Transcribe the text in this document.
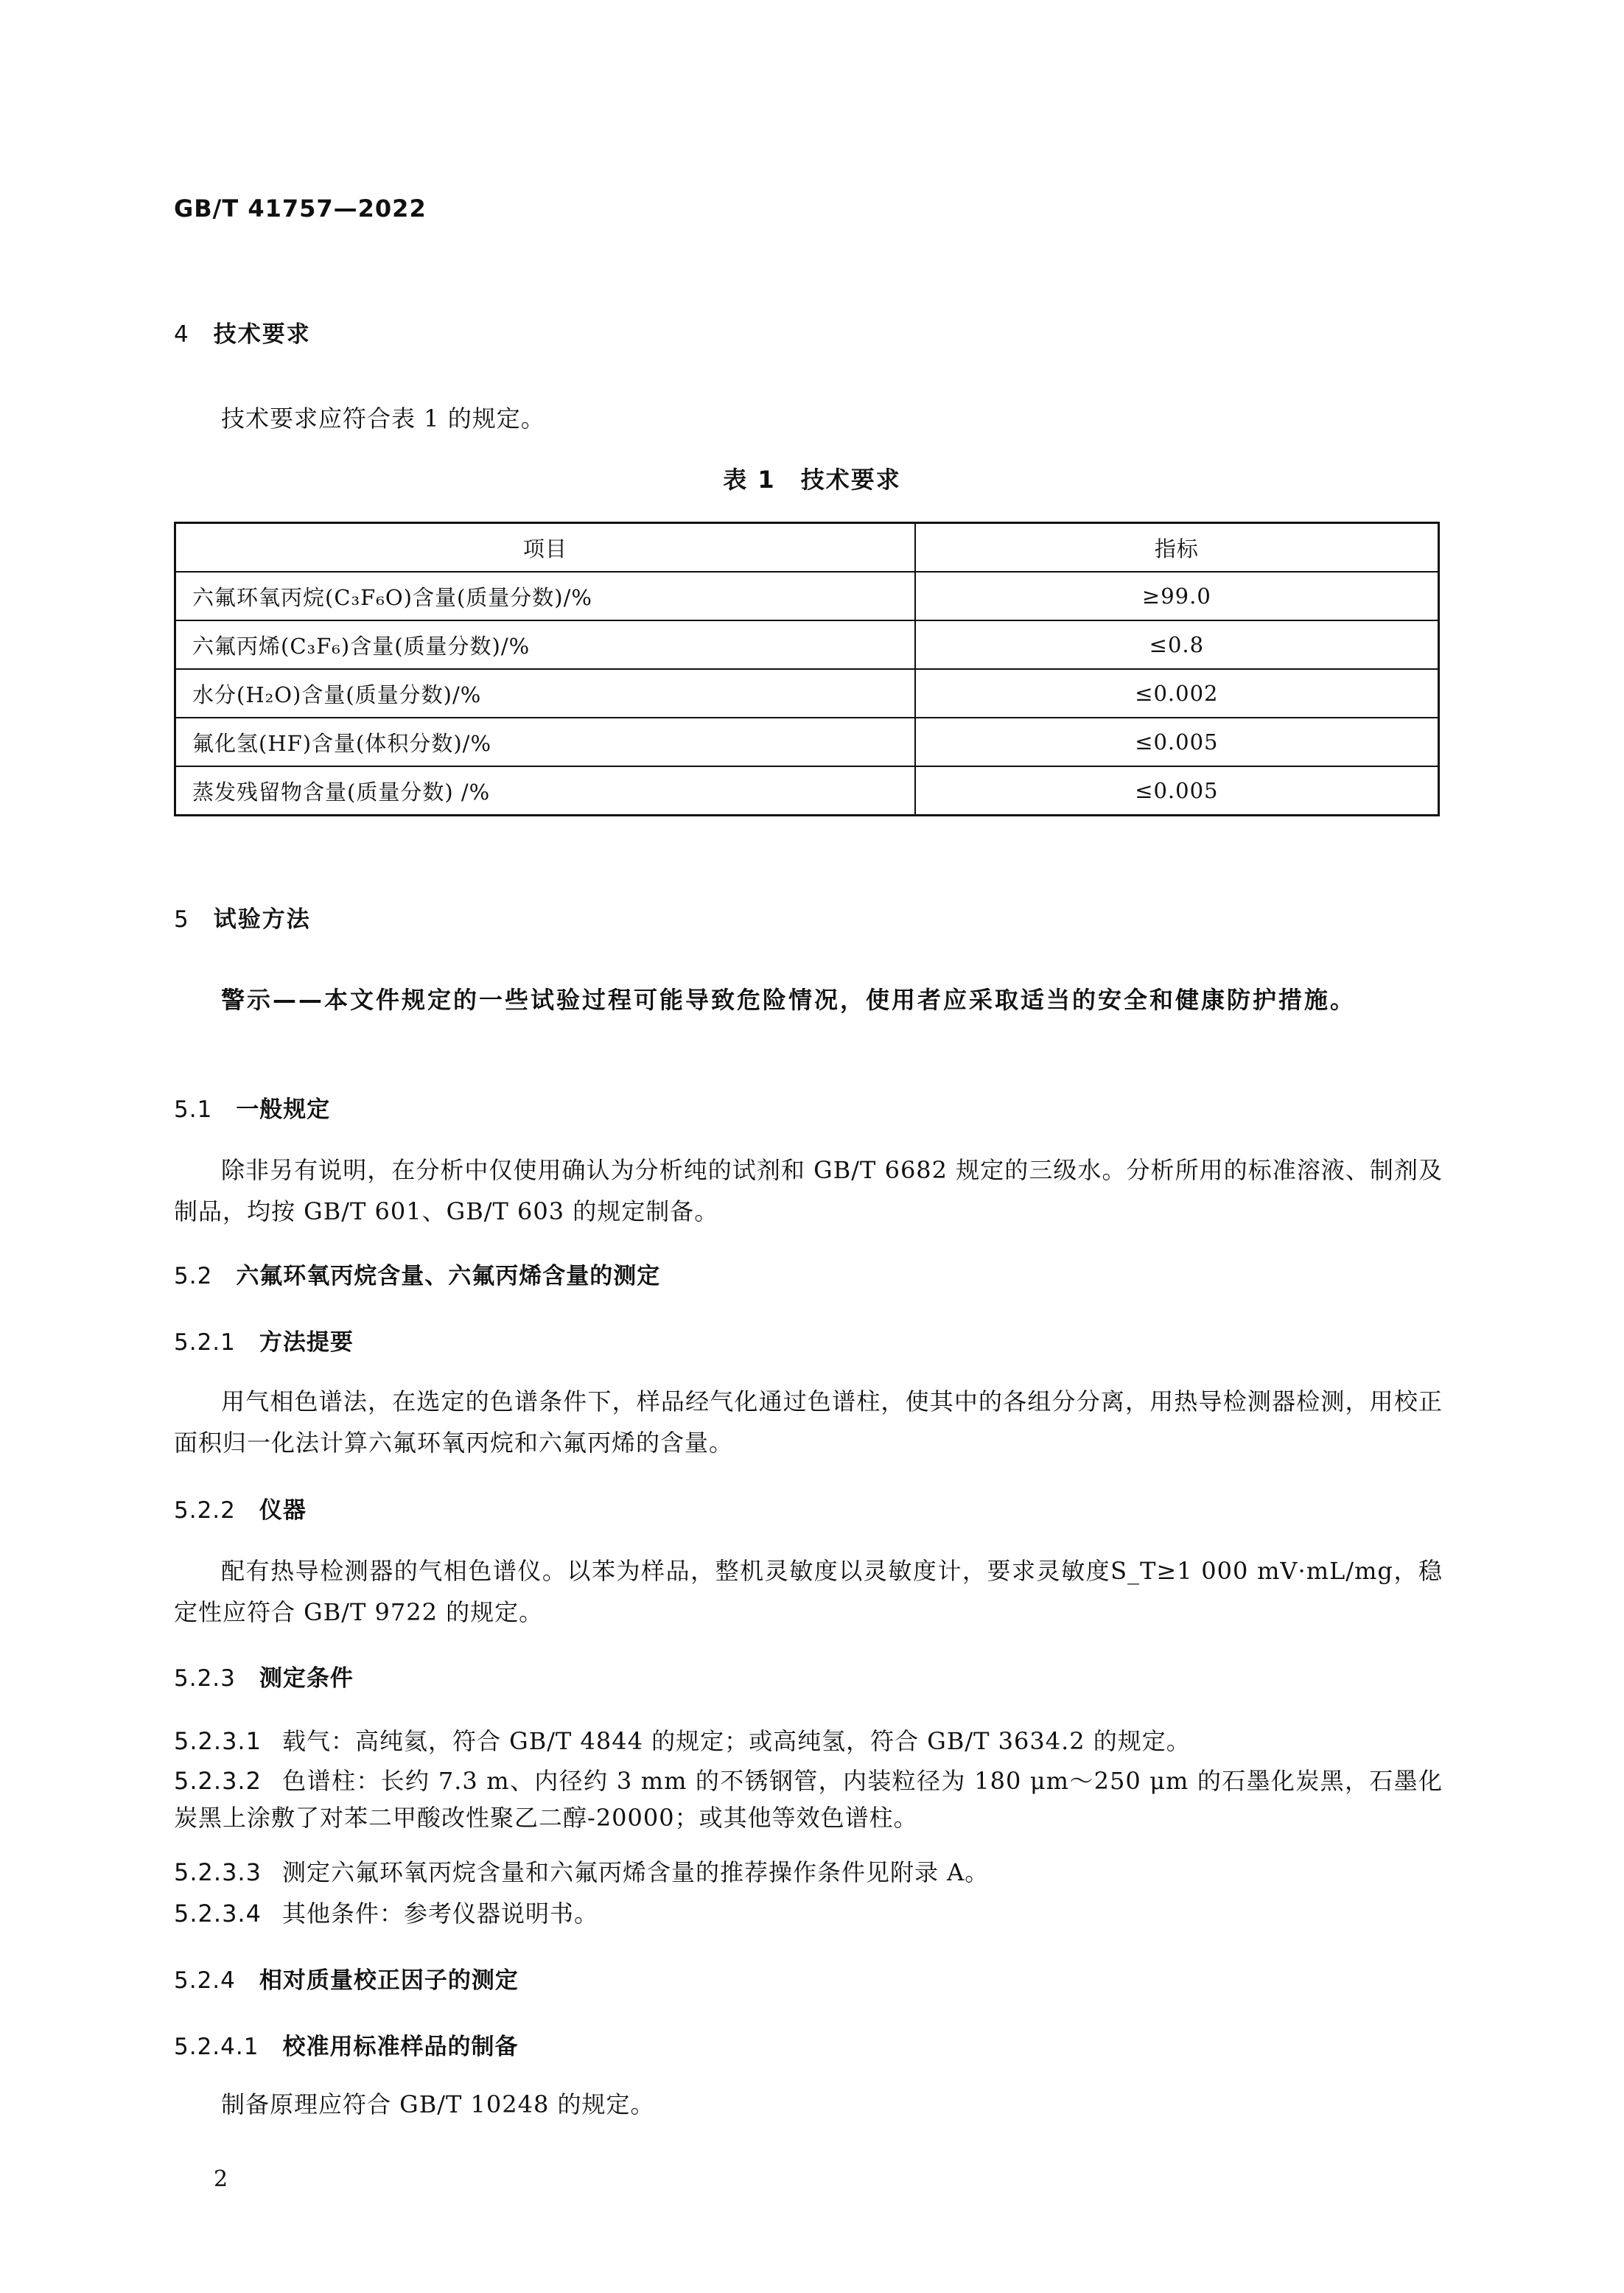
GB/T 41757—2022
4 技术要求
技术要求应符合表 1 的规定。
表 1　技术要求
项目	指标
六氟环氧丙烷(C₃F₆O)含量(质量分数)/%	≥99.0
六氟丙烯(C₃F₆)含量(质量分数)/%	≤0.8
水分(H₂O)含量(质量分数)/%	≤0.002
氟化氢(HF)含量(体积分数)/%	≤0.005
蒸发残留物含量(质量分数) /%	≤0.005
5 试验方法
警示——本文件规定的一些试验过程可能导致危险情况，使用者应采取适当的安全和健康防护措施。
5.1 一般规定
除非另有说明，在分析中仅使用确认为分析纯的试剂和 GB/T 6682 规定的三级水。分析所用的标准溶液、制剂及制品，均按 GB/T 601、GB/T 603 的规定制备。
5.2 六氟环氧丙烷含量、六氟丙烯含量的测定
5.2.1 方法提要
用气相色谱法，在选定的色谱条件下，样品经气化通过色谱柱，使其中的各组分分离，用热导检测器检测，用校正面积归一化法计算六氟环氧丙烷和六氟丙烯的含量。
5.2.2 仪器
配有热导检测器的气相色谱仪。以苯为样品，整机灵敏度以灵敏度计，要求灵敏度S_T≥1 000 mV·mL/mg，稳定性应符合 GB/T 9722 的规定。
5.2.3 测定条件
5.2.3.1 载气：高纯氦，符合 GB/T 4844 的规定；或高纯氢，符合 GB/T 3634.2 的规定。
5.2.3.2 色谱柱：长约 7.3 m、内径约 3 mm 的不锈钢管，内装粒径为 180 μm～250 μm 的石墨化炭黑，石墨化炭黑上涂敷了对苯二甲酸改性聚乙二醇-20000；或其他等效色谱柱。
5.2.3.3 测定六氟环氧丙烷含量和六氟丙烯含量的推荐操作条件见附录 A。
5.2.3.4 其他条件：参考仪器说明书。
5.2.4 相对质量校正因子的测定
5.2.4.1 校准用标准样品的制备
制备原理应符合 GB/T 10248 的规定。
2
